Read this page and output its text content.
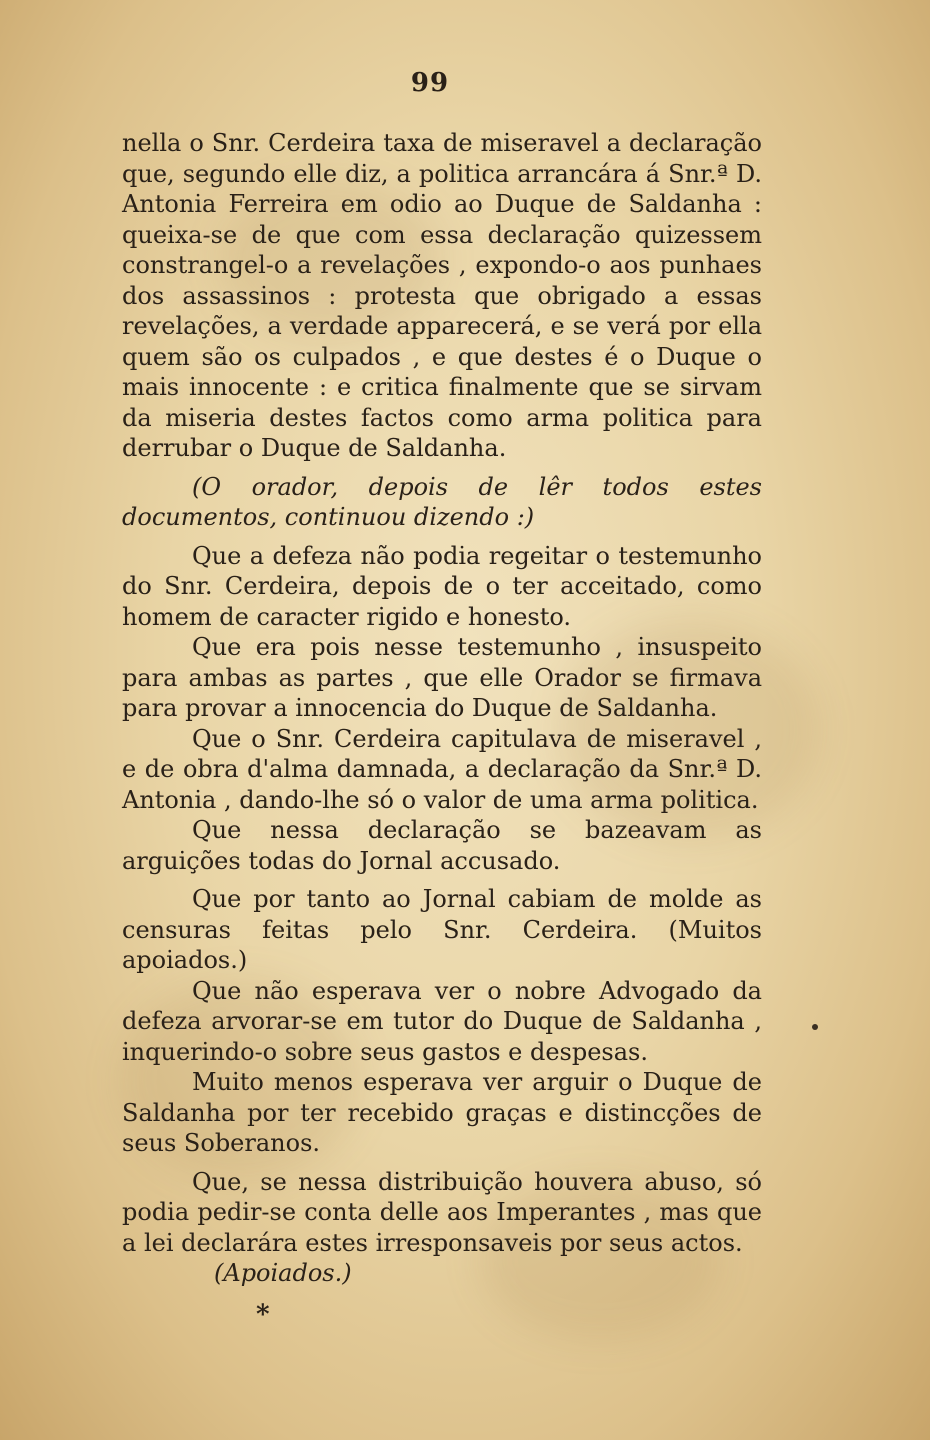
99

nella o Snr. Cerdeira taxa de miseravel a declaração que, segundo elle diz, a politica arrancára á Snr.ª D. Antonia Ferreira em odio ao Duque de Saldanha : queixa-se de que com essa declaração quizessem constrangel-o a revelações , expondo-o aos punhaes dos assassinos : protesta que obrigado a essas revelações, a verdade apparecerá, e se verá por ella quem são os culpados , e que destes é o Duque o mais innocente : e critica finalmente que se sirvam da miseria destes factos como arma politica para derrubar o Duque de Saldanha.

(O orador, depois de lêr todos estes documentos, continuou dizendo :)

Que a defeza não podia regeitar o testemunho do Snr. Cerdeira, depois de o ter acceitado, como homem de caracter rigido e honesto.

Que era pois nesse testemunho , insuspeito para ambas as partes , que elle Orador se firmava para provar a innocencia do Duque de Saldanha.

Que o Snr. Cerdeira capitulava de miseravel , e de obra d'alma damnada, a declaração da Snr.ª D. Antonia , dando-lhe só o valor de uma arma politica.

Que nessa declaração se bazeavam as arguições todas do Jornal accusado.

Que por tanto ao Jornal cabiam de molde as censuras feitas pelo Snr. Cerdeira. (Muitos apoiados.)

Que não esperava ver o nobre Advogado da defeza arvorar-se em tutor do Duque de Saldanha , inquerindo-o sobre seus gastos e despesas.

Muito menos esperava ver arguir o Duque de Saldanha por ter recebido graças e distincções de seus Soberanos.

Que, se nessa distribuição houvera abuso, só podia pedir-se conta delle aos Imperantes , mas que a lei declarára estes irresponsaveis por seus actos.

(Apoiados.)

*
